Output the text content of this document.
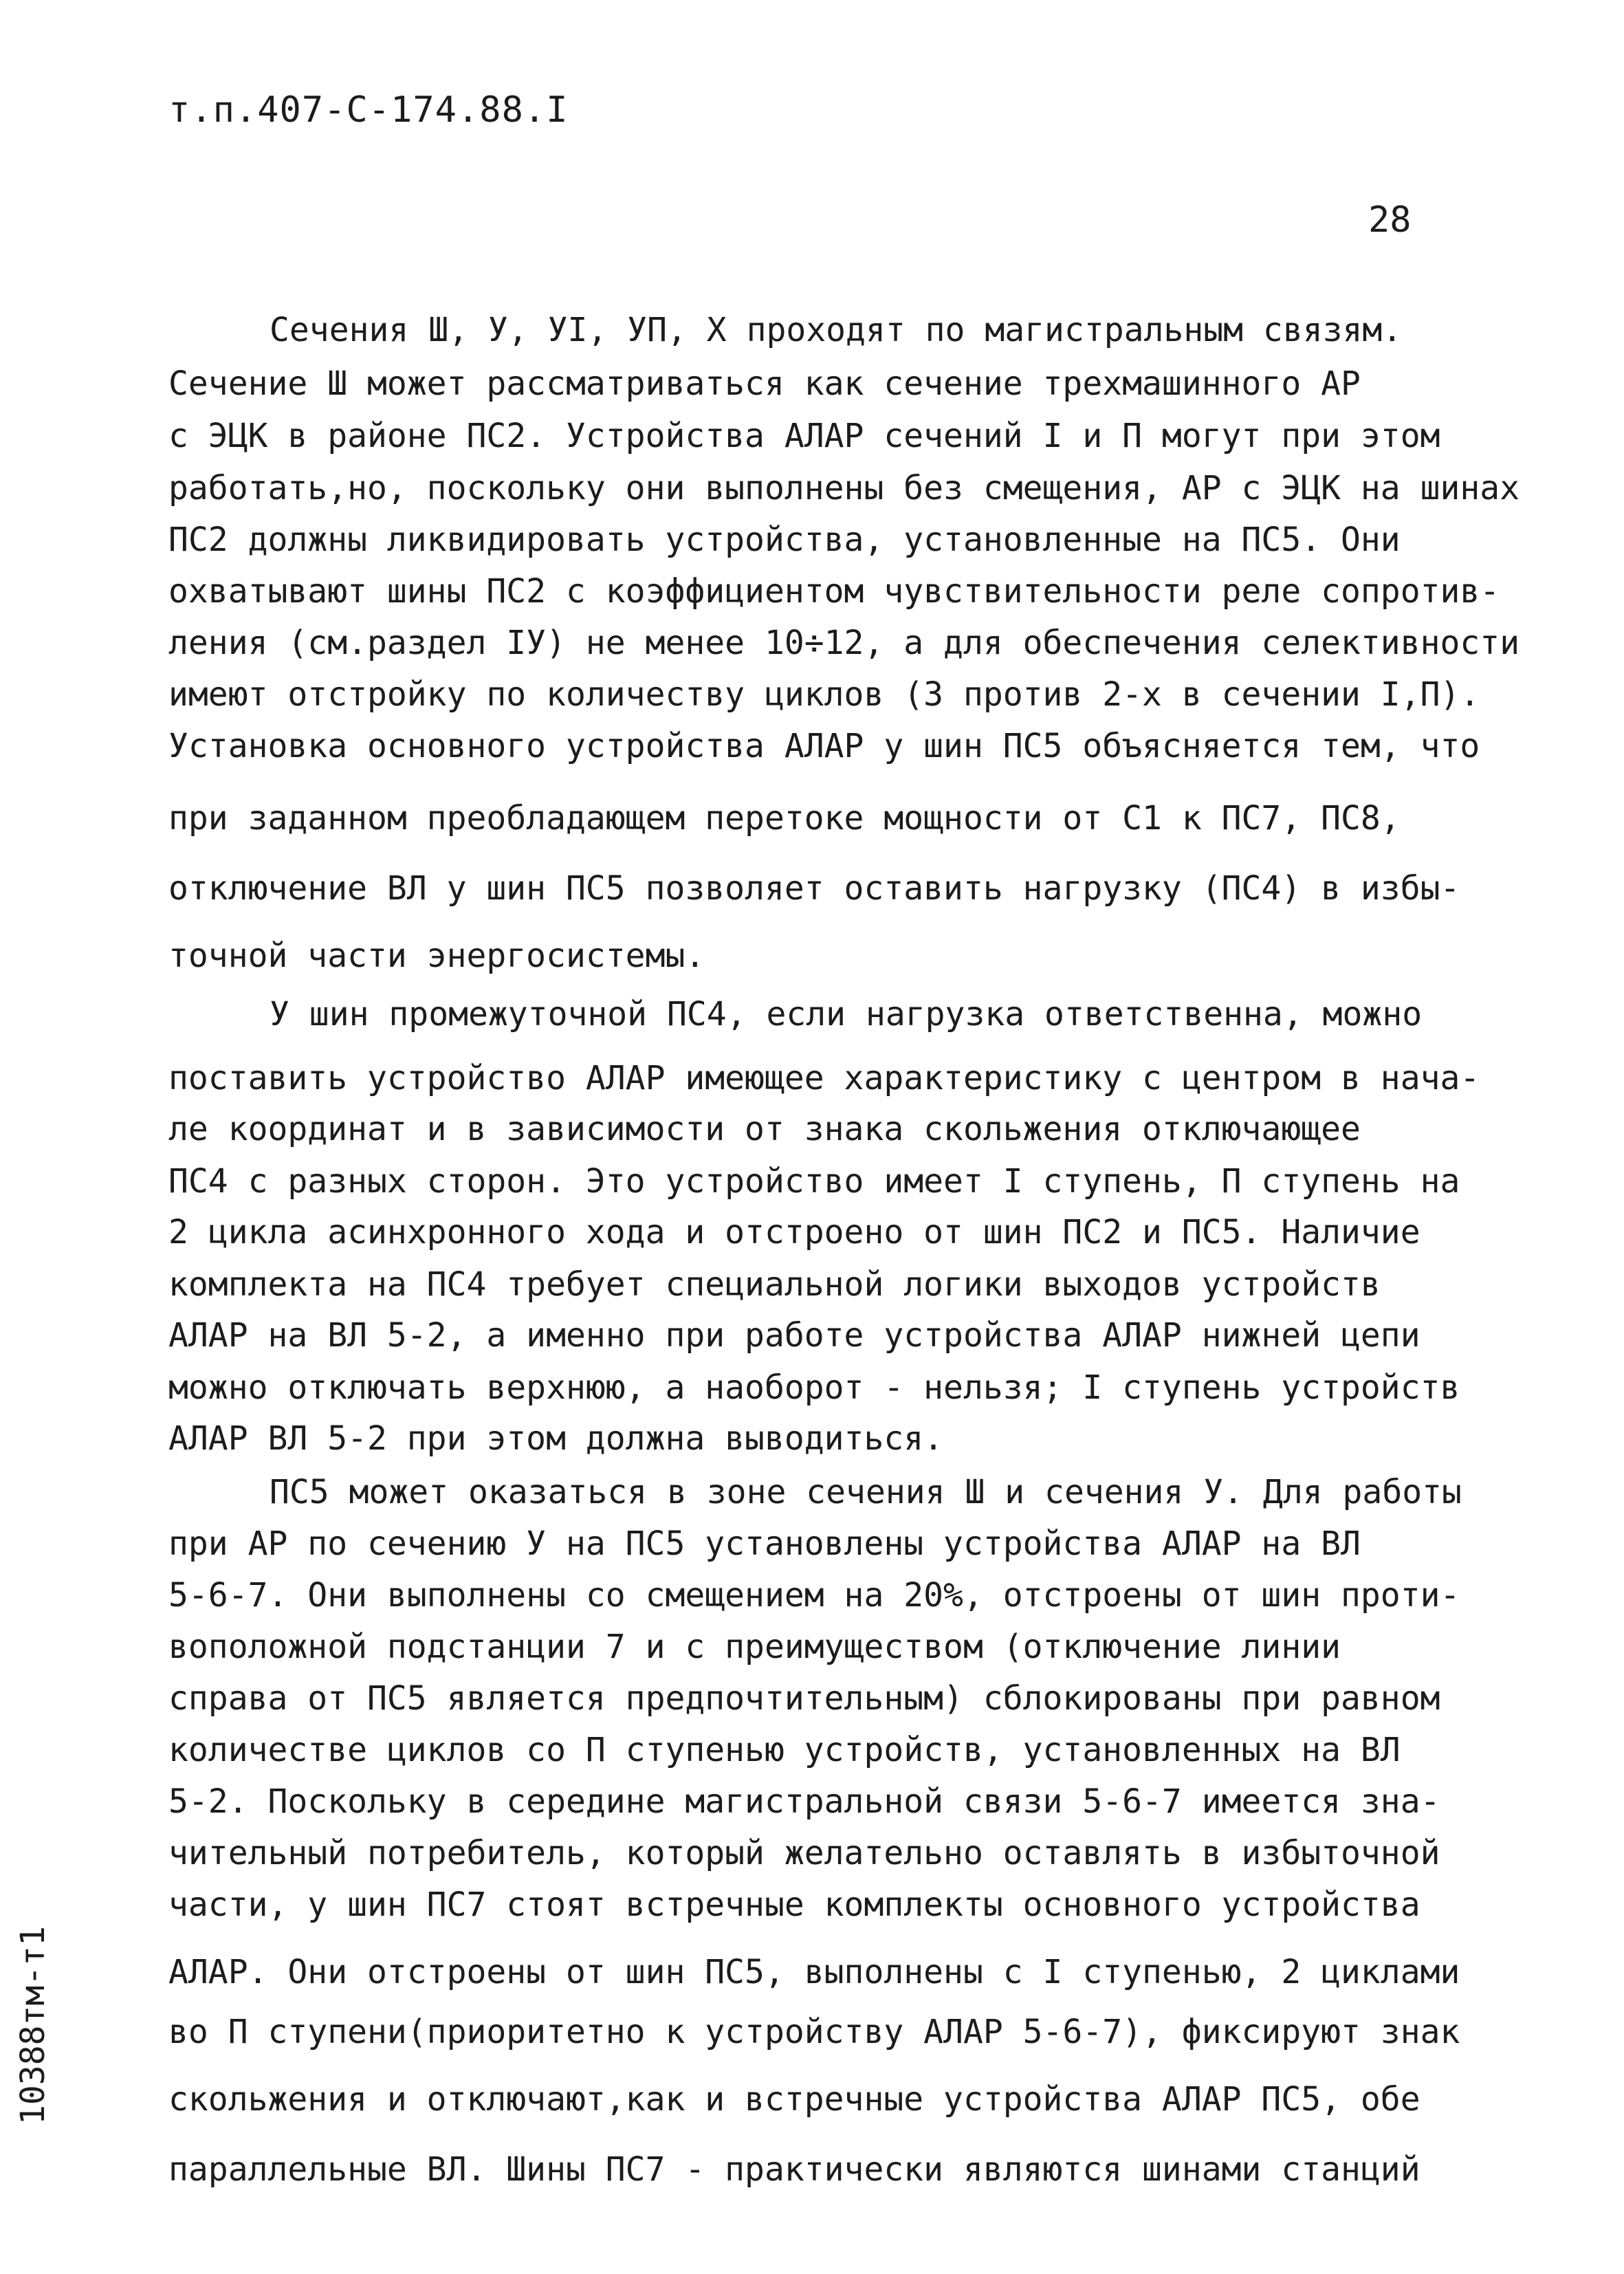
т.п.407-С-174.88.I
28
Сечения Ш, У, УI, УП, Х проходят по магистральным связям.
Сечение Ш может рассматриваться как сечение трехмашинного АР
с ЭЦК в районе ПС2. Устройства АЛАР сечений I и П могут при этом
работать,но, поскольку они выполнены без смещения, АР с ЭЦК на шинах
ПС2 должны ликвидировать устройства, установленные на ПС5. Они
охватывают шины ПС2 с коэффициентом чувствительности реле сопротив-
ления (см.раздел IУ) не менее 10÷12, а для обеспечения селективности
имеют отстройку по количеству циклов (3 против 2-х в сечении I,П).
Установка основного устройства АЛАР у шин ПС5 объясняется тем, что
при заданном преобладающем перетоке мощности от С1 к ПС7, ПС8,
отключение ВЛ у шин ПС5 позволяет оставить нагрузку (ПС4) в избы-
точной части энергосистемы.
У шин промежуточной ПС4, если нагрузка ответственна, можно
поставить устройство АЛАР имеющее характеристику с центром в нача-
ле координат и в зависимости от знака скольжения отключающее
ПС4 с разных сторон. Это устройство имеет I ступень, П ступень на
2 цикла асинхронного хода и отстроено от шин ПС2 и ПС5. Наличие
комплекта на ПС4 требует специальной логики выходов устройств
АЛАР на ВЛ 5-2, а именно при работе устройства АЛАР нижней цепи
можно отключать верхнюю, а наоборот - нельзя; I ступень устройств
АЛАР ВЛ 5-2 при этом должна выводиться.
ПС5 может оказаться в зоне сечения Ш и сечения У. Для работы
при АР по сечению У на ПС5 установлены устройства АЛАР на ВЛ
5-6-7. Они выполнены со смещением на 20%, отстроены от шин проти-
воположной подстанции 7 и с преимуществом (отключение линии
справа от ПС5 является предпочтительным) сблокированы при равном
количестве циклов со П ступенью устройств, установленных на ВЛ
5-2. Поскольку в середине магистральной связи 5-6-7 имеется зна-
чительный потребитель, который желательно оставлять в избыточной
части, у шин ПС7 стоят встречные комплекты основного устройства
АЛАР. Они отстроены от шин ПС5, выполнены с I ступенью, 2 циклами
во П ступени(приоритетно к устройству АЛАР 5-6-7), фиксируют знак
скольжения и отключают,как и встречные устройства АЛАР ПС5, обе
параллельные ВЛ. Шины ПС7 - практически являются шинами станций
10388тм-т1
